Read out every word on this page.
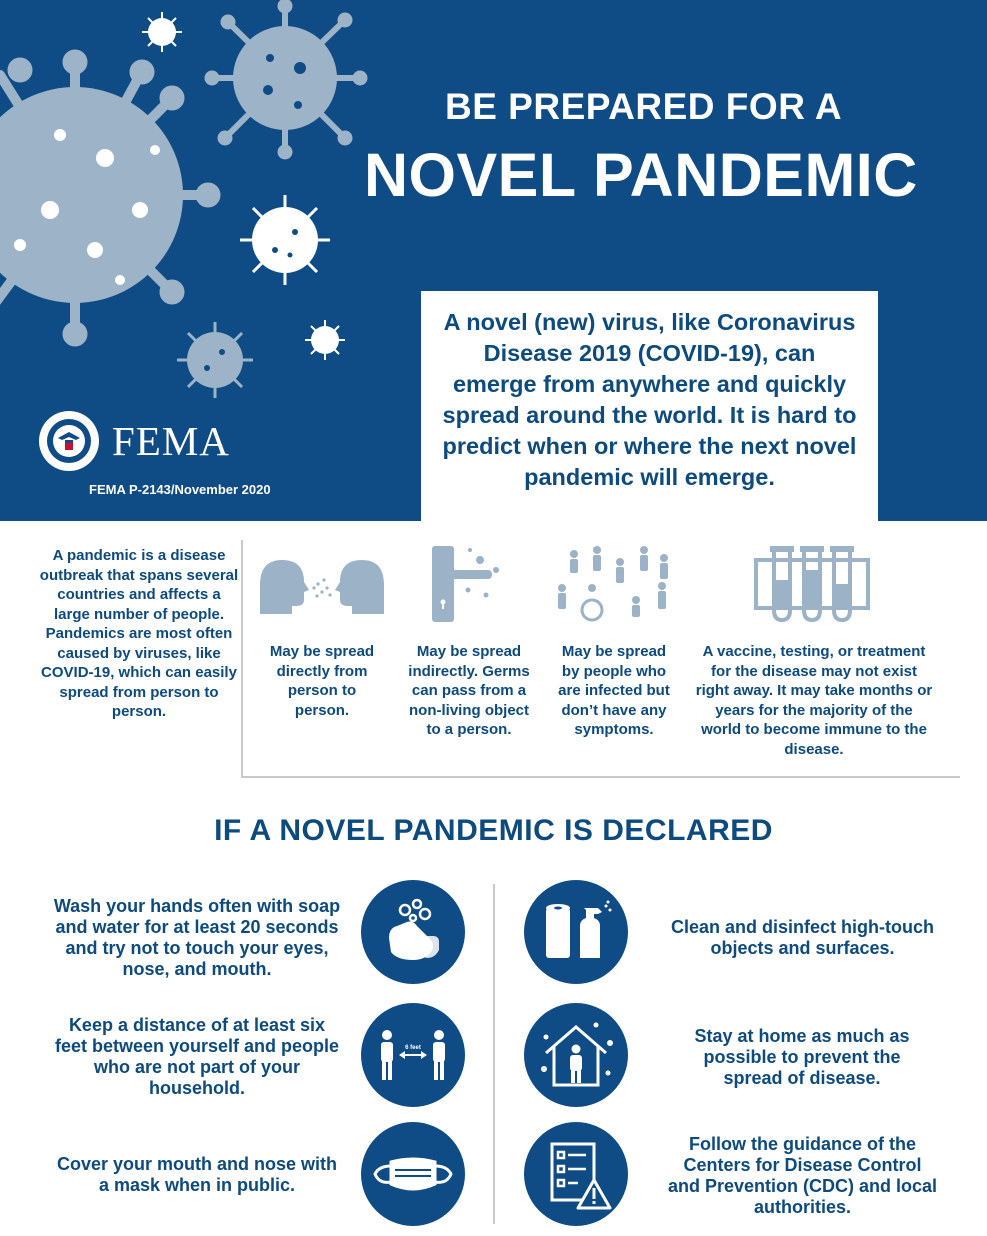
BE PREPARED FOR A
NOVEL PANDEMIC
FEMA
FEMA P-2143/November 2020
A novel (new) virus, like Coronavirus Disease 2019 (COVID-19), can emerge from anywhere and quickly spread around the world. It is hard to predict when or where the next novel pandemic will emerge.
A pandemic is a disease outbreak that spans several countries and affects a large number of people. Pandemics are most often caused by viruses, like COVID-19, which can easily spread from person to person.
May be spread directly from person to person.
May be spread indirectly. Germs can pass from a non-living object to a person.
May be spread by people who are infected but don’t have any symptoms.
A vaccine, testing, or treatment for the disease may not exist right away. It may take months or years for the majority of the world to become immune to the disease.
IF A NOVEL PANDEMIC IS DECLARED
Wash your hands often with soap and water for at least 20 seconds and try not to touch your eyes, nose, and mouth.
Keep a distance of at least six feet between yourself and people who are not part of your household.
6 feet
Cover your mouth and nose with a mask when in public.
Clean and disinfect high-touch objects and surfaces.
Stay at home as much as possible to prevent the spread of disease.
Follow the guidance of the Centers for Disease Control and Prevention (CDC) and local authorities.
